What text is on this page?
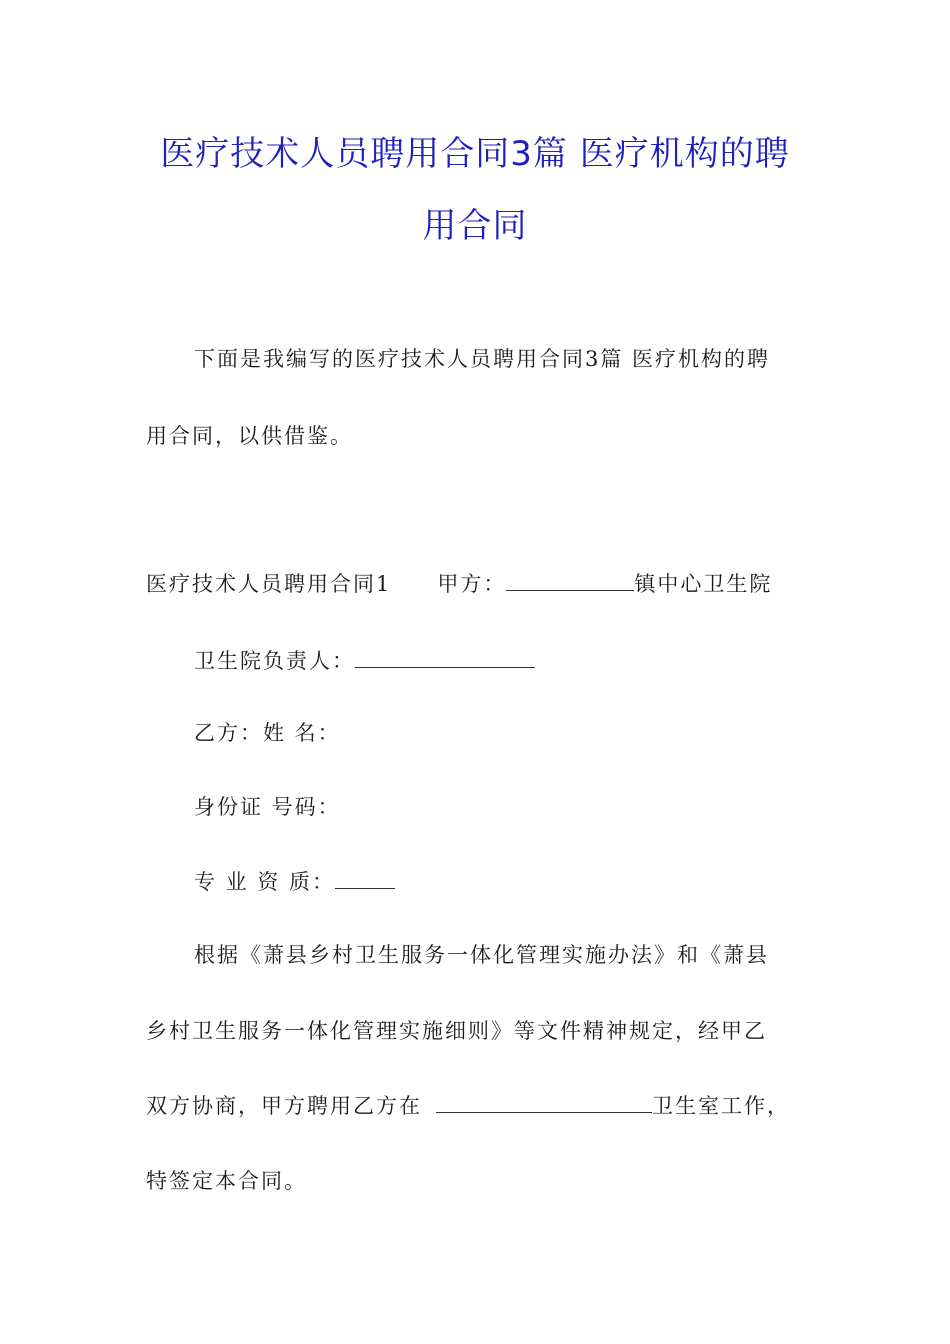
医疗技术人员聘用合同3篇 医疗机构的聘
用合同
下面是我编写的医疗技术人员聘用合同3篇 医疗机构的聘
用合同，以供借鉴。
医疗技术人员聘用合同1 甲方：	镇中心卫生院
卫生院负责人：
乙方：姓 名：
身份证 号码：
专 业 资 质：
根据《萧县乡村卫生服务一体化管理实施办法》和《萧县
乡村卫生服务一体化管理实施细则》等文件精神规定，经甲乙
双方协商，甲方聘用乙方在	卫生室工作，
特签定本合同。
